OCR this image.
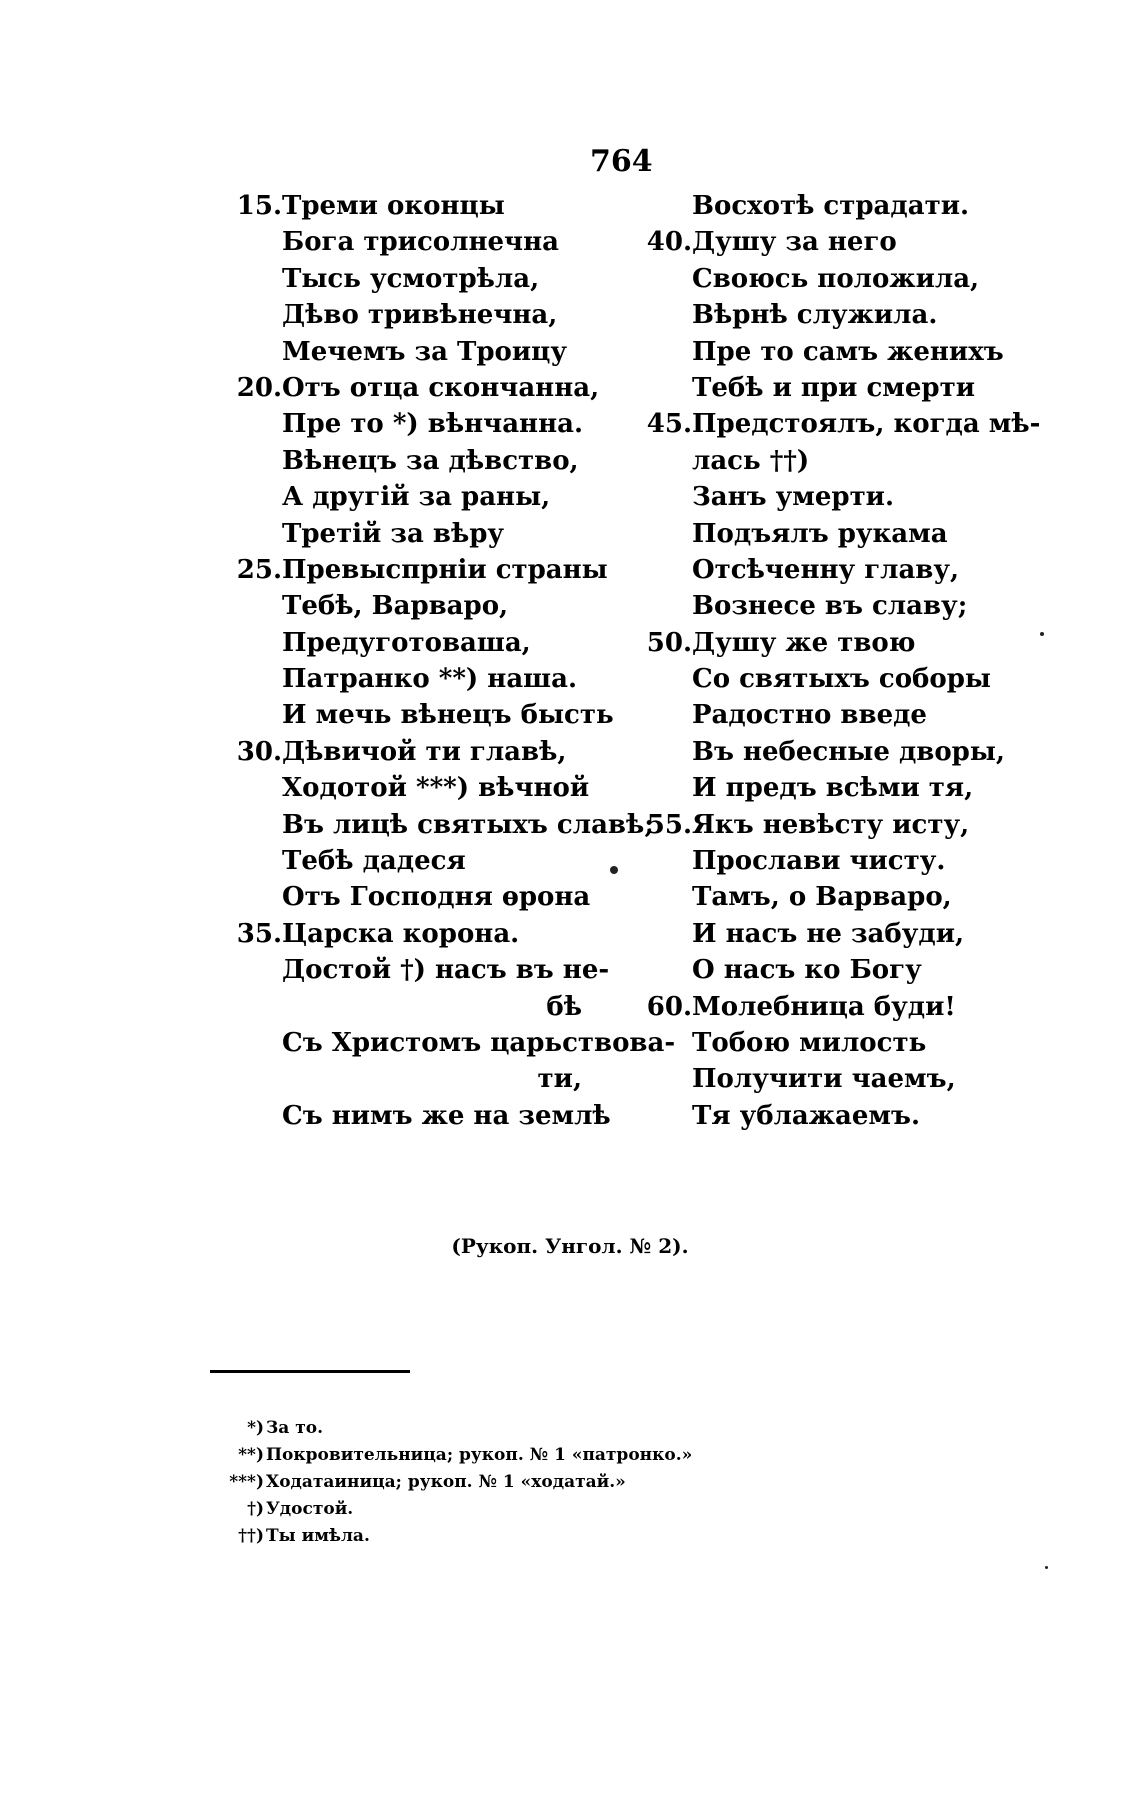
764
15. Треми оконцы
Бога трисолнечна
Тысь усмотрѣла,
Дѣво тривѣнечна,
Мечемъ за Троицу
20. Отъ отца скончанна,
Пре то *) вѣнчанна.
Вѣнецъ за дѣвство,
А другій за раны,
Третій за вѣру
25. Превыспрніи страны
Тебѣ, Варваро,
Предуготоваша,
Патранко **) наша.
И мечь вѣнецъ бысть
30. Дѣвичой ти главѣ,
Ходотой ***) вѣчной
Въ лицѣ святыхъ славѣ;
Тебѣ дадеся
Отъ Господня ѳрона
35. Царска корона.
Достой †) насъ въ не-
бѣ
Съ Христомъ царьствова-
ти,
Съ нимъ же на землѣ
Восхотѣ страдати.
40. Душу за него
Своюсь положила,
Вѣрнѣ служила.
Пре то самъ женихъ
Тебѣ и при смерти
45. Предстоялъ, когда мѣ-
лась ††)
Занъ умерти.
Подъялъ рукама
Отсѣченну главу,
Вознесе въ славу;
50. Душу же твою
Со святыхъ соборы
Радостно введе
Въ небесные дворы,
И предъ всѣми тя,
55. Якъ невѣсту исту,
Прослави чисту.
Тамъ, о Варваро,
И насъ не забуди,
О насъ ко Богу
60. Молебница буди!
Тобою милость
Получити чаемъ,
Тя ублажаемъ.
(Рукоп. Унгол. № 2).
*) За то.
**) Покровительница; рукоп. № 1 «патронко.»
***) Ходатаиница; рукоп. № 1 «ходатай.»
†) Удостой.
††) Ты имѣла.
